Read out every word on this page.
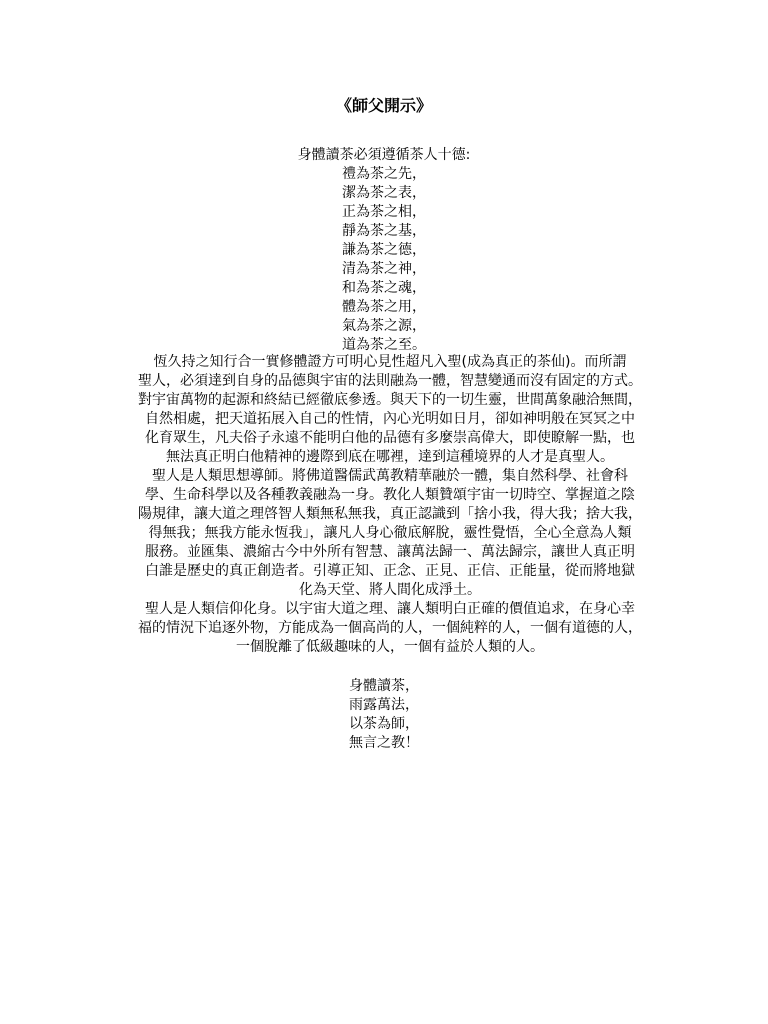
《師父開示》
身體讀茶必須遵循茶人十德:
禮為茶之先，
潔為茶之表，
正為茶之相，
靜為茶之基，
謙為茶之德，
清為茶之神，
和為茶之魂，
體為茶之用，
氣為茶之源，
道為茶之至。
恆久持之知行合一實修體證方可明心見性超凡入聖(成為真正的茶仙)。而所謂
聖人，必須達到自身的品德與宇宙的法則融為一體，智慧變通而沒有固定的方式。
對宇宙萬物的起源和終結已經徹底參透。與天下的一切生靈，世間萬象融洽無間，
自然相處，把天道拓展入自己的性情，內心光明如日月，卻如神明般在冥冥之中
化育眾生，凡夫俗子永遠不能明白他的品德有多麼崇高偉大，即使瞭解一點，也
無法真正明白他精神的邊際到底在哪裡，達到這種境界的人才是真聖人。
聖人是人類思想導師。將佛道醫儒武萬教精華融於一體，集自然科學、社會科
學、生命科學以及各種教義融為一身。教化人類贊頌宇宙一切時空、掌握道之陰
陽規律，讓大道之理啓智人類無私無我，真正認識到「捨小我，得大我；捨大我，
得無我；無我方能永恆我」，讓凡人身心徹底解脫，靈性覺悟，全心全意為人類
服務。並匯集、濃縮古今中外所有智慧、讓萬法歸一、萬法歸宗，讓世人真正明
白誰是歷史的真正創造者。引導正知、正念、正見、正信、正能量，從而將地獄
化為天堂、將人間化成淨土。
聖人是人類信仰化身。以宇宙大道之理、讓人類明白正確的價值追求，在身心幸
福的情況下追逐外物，方能成為一個高尚的人，一個純粹的人，一個有道德的人，
一個脫離了低級趣味的人，一個有益於人類的人。
身體讀茶，
雨露萬法，
以茶為師，
無言之教！
